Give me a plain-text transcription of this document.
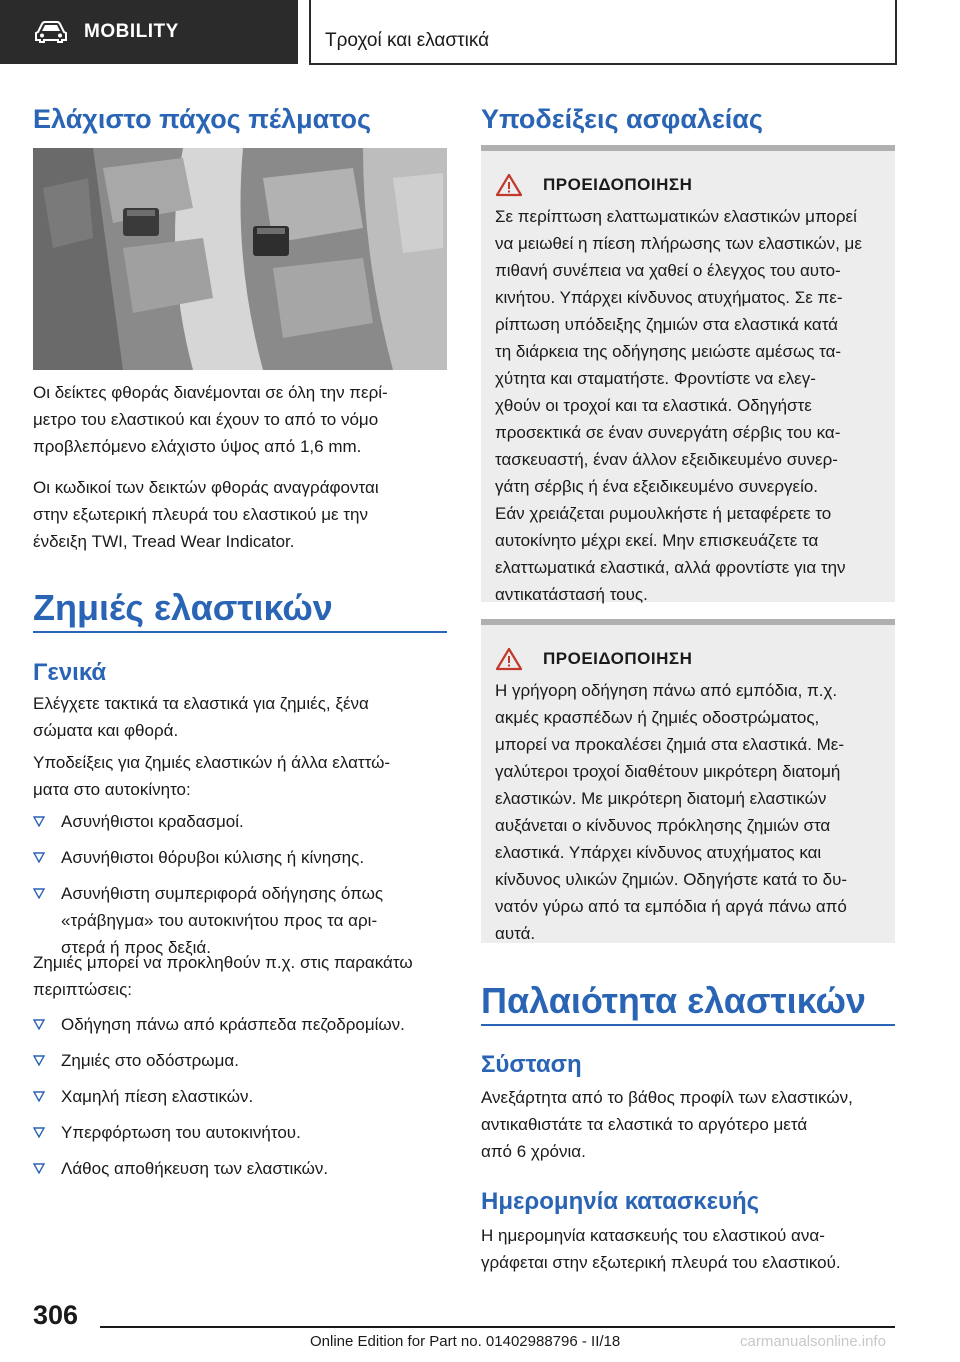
MOBILITY	Τροχοί και ελαστικά
Ελάχιστο πάχος πέλματος
Οι δείκτες φθοράς διανέμονται σε όλη την περί-
μετρο του ελαστικού και έχουν το από το νόμο
προβλεπόμενο ελάχιστο ύψος από 1,6 mm.
Οι κωδικοί των δεικτών φθοράς αναγράφονται
στην εξωτερική πλευρά του ελαστικού με την
ένδειξη TWI, Tread Wear Indicator.
Ζημιές ελαστικών
Γενικά
Ελέγχετε τακτικά τα ελαστικά για ζημιές, ξένα
σώματα και φθορά.
Υποδείξεις για ζημιές ελαστικών ή άλλα ελαττώ-
ματα στο αυτοκίνητο:
Ασυνήθιστοι κραδασμοί.
Ασυνήθιστοι θόρυβοι κύλισης ή κίνησης.
Ασυνήθιστη συμπεριφορά οδήγησης όπως
«τράβηγμα» του αυτοκινήτου προς τα αρι-
στερά ή προς δεξιά.
Ζημιές μπορεί να προκληθούν π.χ. στις παρακάτω
περιπτώσεις:
Οδήγηση πάνω από κράσπεδα πεζοδρομίων.
Ζημιές στο οδόστρωμα.
Χαμηλή πίεση ελαστικών.
Υπερφόρτωση του αυτοκινήτου.
Λάθος αποθήκευση των ελαστικών.
Υποδείξεις ασφαλείας
ΠΡΟΕΙΔΟΠΟΙΗΣΗ
Σε περίπτωση ελαττωματικών ελαστικών μπορεί
να μειωθεί η πίεση πλήρωσης των ελαστικών, με
πιθανή συνέπεια να χαθεί ο έλεγχος του αυτο-
κινήτου. Υπάρχει κίνδυνος ατυχήματος. Σε πε-
ρίπτωση υπόδειξης ζημιών στα ελαστικά κατά
τη διάρκεια της οδήγησης μειώστε αμέσως τα-
χύτητα και σταματήστε. Φροντίστε να ελεγ-
χθούν οι τροχοί και τα ελαστικά. Οδηγήστε
προσεκτικά σε έναν συνεργάτη σέρβις του κα-
τασκευαστή, έναν άλλον εξειδικευμένο συνερ-
γάτη σέρβις ή ένα εξειδικευμένο συνεργείο.
Εάν χρειάζεται ρυμουλκήστε ή μεταφέρετε το
αυτοκίνητο μέχρι εκεί. Μην επισκευάζετε τα
ελαττωματικά ελαστικά, αλλά φροντίστε για την
αντικατάστασή τους.
ΠΡΟΕΙΔΟΠΟΙΗΣΗ
Η γρήγορη οδήγηση πάνω από εμπόδια, π.χ.
ακμές κρασπέδων ή ζημιές οδοστρώματος,
μπορεί να προκαλέσει ζημιά στα ελαστικά. Με-
γαλύτεροι τροχοί διαθέτουν μικρότερη διατομή
ελαστικών. Με μικρότερη διατομή ελαστικών
αυξάνεται ο κίνδυνος πρόκλησης ζημιών στα
ελαστικά. Υπάρχει κίνδυνος ατυχήματος και
κίνδυνος υλικών ζημιών. Οδηγήστε κατά το δυ-
νατόν γύρω από τα εμπόδια ή αργά πάνω από
αυτά.
Παλαιότητα ελαστικών
Σύσταση
Ανεξάρτητα από το βάθος προφίλ των ελαστικών,
αντικαθιστάτε τα ελαστικά το αργότερο μετά
από 6 χρόνια.
Ημερομηνία κατασκευής
Η ημερομηνία κατασκευής του ελαστικού ανα-
γράφεται στην εξωτερική πλευρά του ελαστικού.
306
Online Edition for Part no. 01402988796 - II/18	carmanualsonline.info
